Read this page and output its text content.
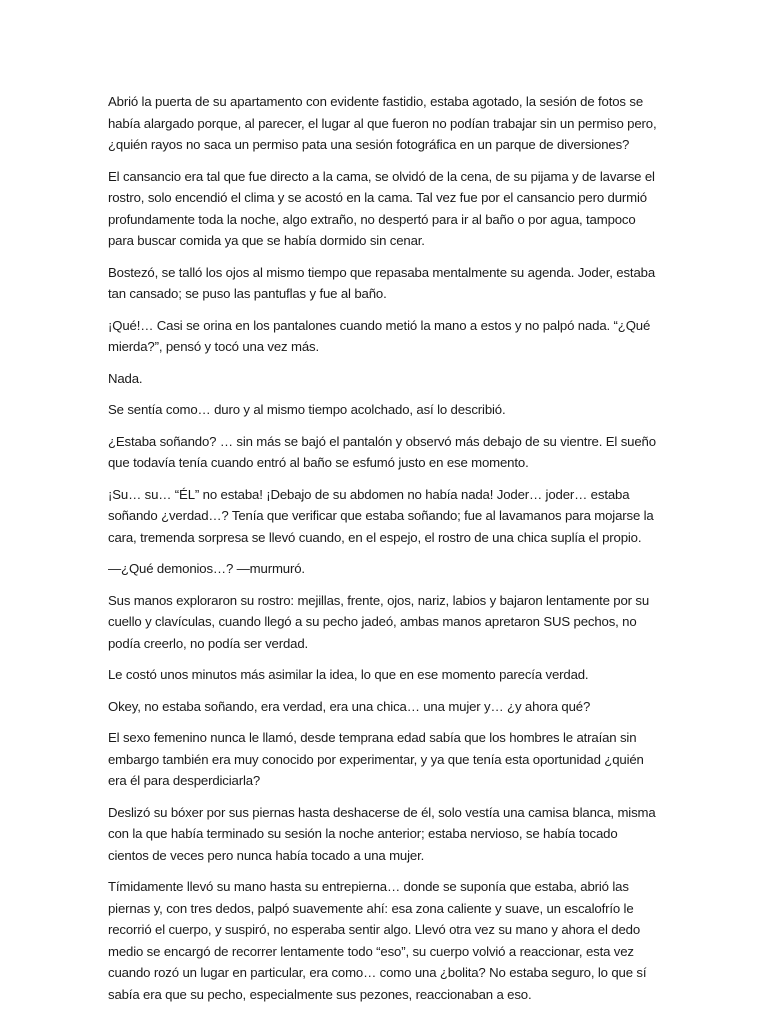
Abrió la puerta de su apartamento con evidente fastidio, estaba agotado, la sesión de fotos se había alargado porque, al parecer, el lugar al que fueron no podían trabajar sin un permiso pero, ¿quién rayos no saca un permiso pata una sesión fotográfica en un parque de diversiones?

El cansancio era tal que fue directo a la cama, se olvidó de la cena, de su pijama y de lavarse el rostro, solo encendió el clima y se acostó en la cama. Tal vez fue por el cansancio pero durmió profundamente toda la noche, algo extraño, no despertó para ir al baño o por agua, tampoco para buscar comida ya que se había dormido sin cenar.

Bostezó, se talló los ojos al mismo tiempo que repasaba mentalmente su agenda. Joder, estaba tan cansado; se puso las pantuflas y fue al baño.

¡Qué!… Casi se orina en los pantalones cuando metió la mano a estos y no palpó nada. “¿Qué mierda?”, pensó y tocó una vez más.

Nada.

Se sentía como… duro y al mismo tiempo acolchado, así lo describió.

¿Estaba soñando? … sin más se bajó el pantalón y observó más debajo de su vientre. El sueño que todavía tenía cuando entró al baño se esfumó justo en ese momento.

¡Su… su… “ÉL” no estaba! ¡Debajo de su abdomen no había nada! Joder… joder… estaba soñando ¿verdad…? Tenía que verificar que estaba soñando; fue al lavamanos para mojarse la cara, tremenda sorpresa se llevó cuando, en el espejo, el rostro de una chica suplía el propio.

—¿Qué demonios…? —murmuró.

Sus manos exploraron su rostro: mejillas, frente, ojos, nariz, labios y bajaron lentamente por su cuello y clavículas, cuando llegó a su pecho jadeó, ambas manos apretaron SUS pechos, no podía creerlo, no podía ser verdad.

Le costó unos minutos más asimilar la idea, lo que en ese momento parecía verdad.

Okey, no estaba soñando, era verdad, era una chica… una mujer y… ¿y ahora qué?

El sexo femenino nunca le llamó, desde temprana edad sabía que los hombres le atraían sin embargo también era muy conocido por experimentar, y ya que tenía esta oportunidad ¿quién era él para desperdiciarla?

Deslizó su bóxer por sus piernas hasta deshacerse de él, solo vestía una camisa blanca, misma con la que había terminado su sesión la noche anterior; estaba nervioso, se había tocado cientos de veces pero nunca había tocado a una mujer.

Tímidamente llevó su mano hasta su entrepierna… donde se suponía que estaba, abrió las piernas y, con tres dedos, palpó suavemente ahí: esa zona caliente y suave, un escalofrío le recorrió el cuerpo, y suspiró, no esperaba sentir algo. Llevó otra vez su mano y ahora el dedo medio se encargó de recorrer lentamente todo “eso”, su cuerpo volvió a reaccionar, esta vez cuando rozó un lugar en particular, era como… como una ¿bolita? No estaba seguro, lo que sí sabía era que su pecho, especialmente sus pezones, reaccionaban a eso.
